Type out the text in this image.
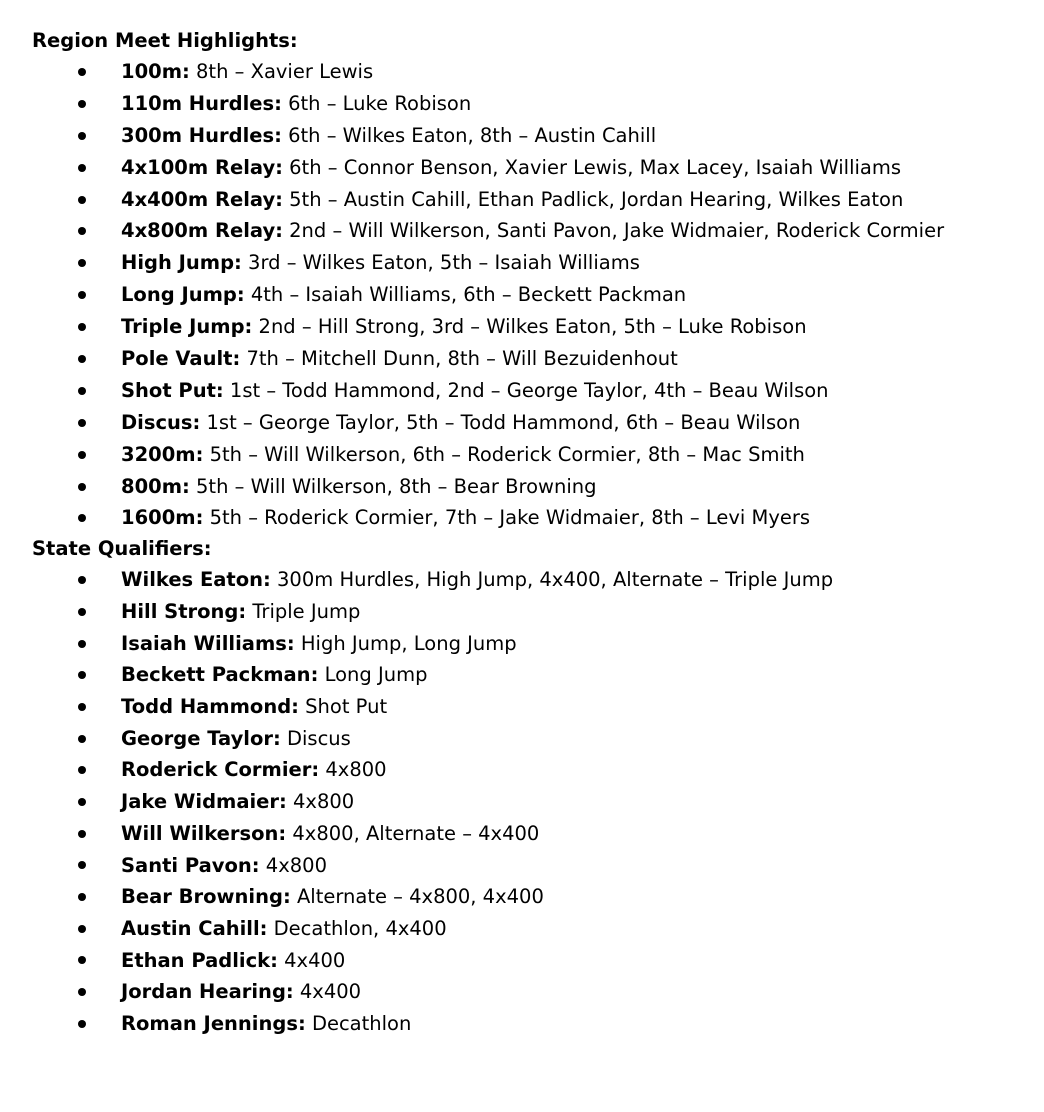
Region Meet Highlights:
100m: 8th – Xavier Lewis
110m Hurdles: 6th – Luke Robison
300m Hurdles: 6th – Wilkes Eaton, 8th – Austin Cahill
4x100m Relay: 6th – Connor Benson, Xavier Lewis, Max Lacey, Isaiah Williams
4x400m Relay: 5th – Austin Cahill, Ethan Padlick, Jordan Hearing, Wilkes Eaton
4x800m Relay: 2nd – Will Wilkerson, Santi Pavon, Jake Widmaier, Roderick Cormier
High Jump: 3rd – Wilkes Eaton, 5th – Isaiah Williams
Long Jump: 4th – Isaiah Williams, 6th – Beckett Packman
Triple Jump: 2nd – Hill Strong, 3rd – Wilkes Eaton, 5th – Luke Robison
Pole Vault: 7th – Mitchell Dunn, 8th – Will Bezuidenhout
Shot Put: 1st – Todd Hammond, 2nd – George Taylor, 4th – Beau Wilson
Discus: 1st – George Taylor, 5th – Todd Hammond, 6th – Beau Wilson
3200m: 5th – Will Wilkerson, 6th – Roderick Cormier, 8th – Mac Smith
800m: 5th – Will Wilkerson, 8th – Bear Browning
1600m: 5th – Roderick Cormier, 7th – Jake Widmaier, 8th – Levi Myers
State Qualifiers:
Wilkes Eaton: 300m Hurdles, High Jump, 4x400, Alternate – Triple Jump
Hill Strong: Triple Jump
Isaiah Williams: High Jump, Long Jump
Beckett Packman: Long Jump
Todd Hammond: Shot Put
George Taylor: Discus
Roderick Cormier: 4x800
Jake Widmaier: 4x800
Will Wilkerson: 4x800, Alternate – 4x400
Santi Pavon: 4x800
Bear Browning: Alternate – 4x800, 4x400
Austin Cahill: Decathlon, 4x400
Ethan Padlick: 4x400
Jordan Hearing: 4x400
Roman Jennings: Decathlon
